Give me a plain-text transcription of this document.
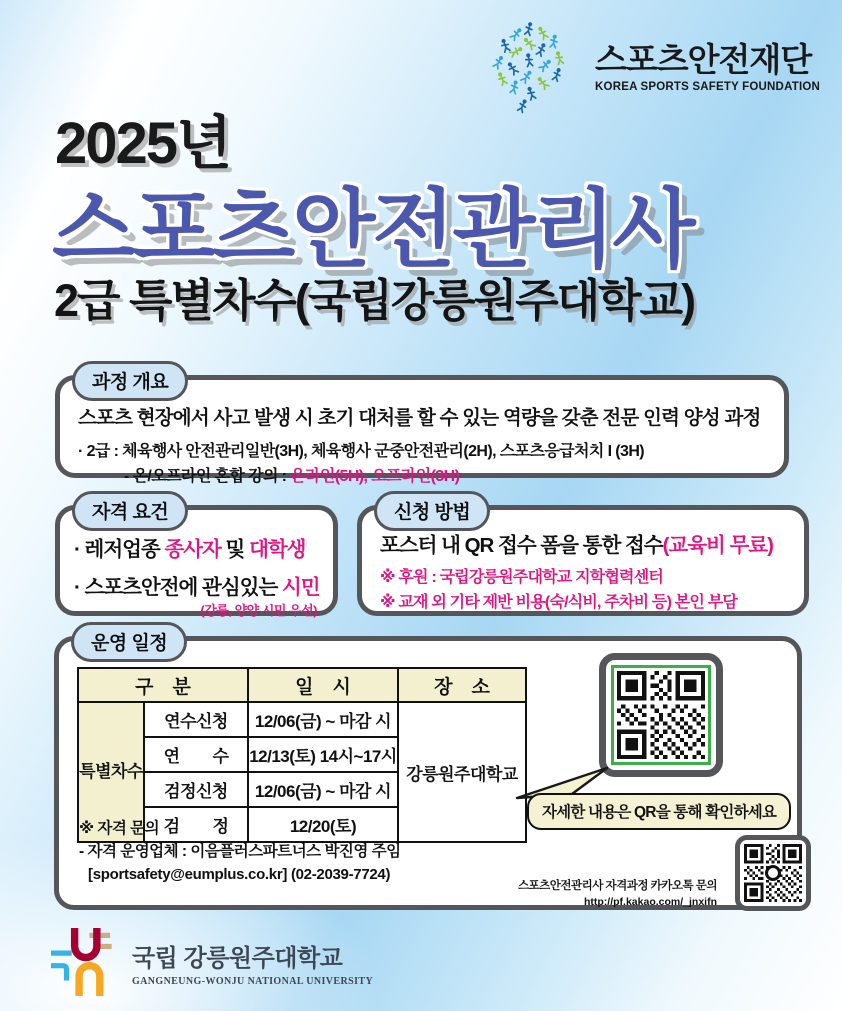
스포츠안전재단
KOREA SPORTS SAFETY FOUNDATION
2025년
스포츠안전관리사
2급 특별차수(국립강릉원주대학교)
과정 개요
스포츠 현장에서 사고 발생 시 초기 대처를 할 수 있는 역량을 갖춘 전문 인력 양성 과정
· 2급 : 체육행사 안전관리일반(3H), 체육행사 군중안전관리(2H), 스포츠응급처치 I (3H)
- 온/오프라인 혼합 강의 : 온라인(5H), 오프라인(3H)
자격 요건
· 레저업종 종사자 및 대학생
· 스포츠안전에 관심있는 시민
(강릉, 양양 시민 우선)
신청 방법
포스터 내 QR 접수 폼을 통한 접수(교육비 무료)
※ 후원 : 국립강릉원주대학교 지학협력센터
※ 교재 외 기타 제반 비용(숙/식비, 주차비 등) 본인 부담
운영 일정
구　분		일　시	장　소
특별차수	연수신청	12/06(금) ~ 마감 시	강릉원주대학교
	연　　수	12/13(토) 14시~17시	
	검정신청	12/06(금) ~ 마감 시	
	검　　정	12/20(토)	
자세한 내용은 QR을 통해 확인하세요
※ 자격 문의
- 자격 운영업체 : 이음플러스파트너스 박진영 주임
[sportsafety@eumplus.co.kr] (02-2039-7724)
스포츠안전관리사 자격과정 카카오톡 문의
http://pf.kakao.com/_jnxifn
국립 강릉원주대학교
GANGNEUNG-WONJU NATIONAL UNIVERSITY
